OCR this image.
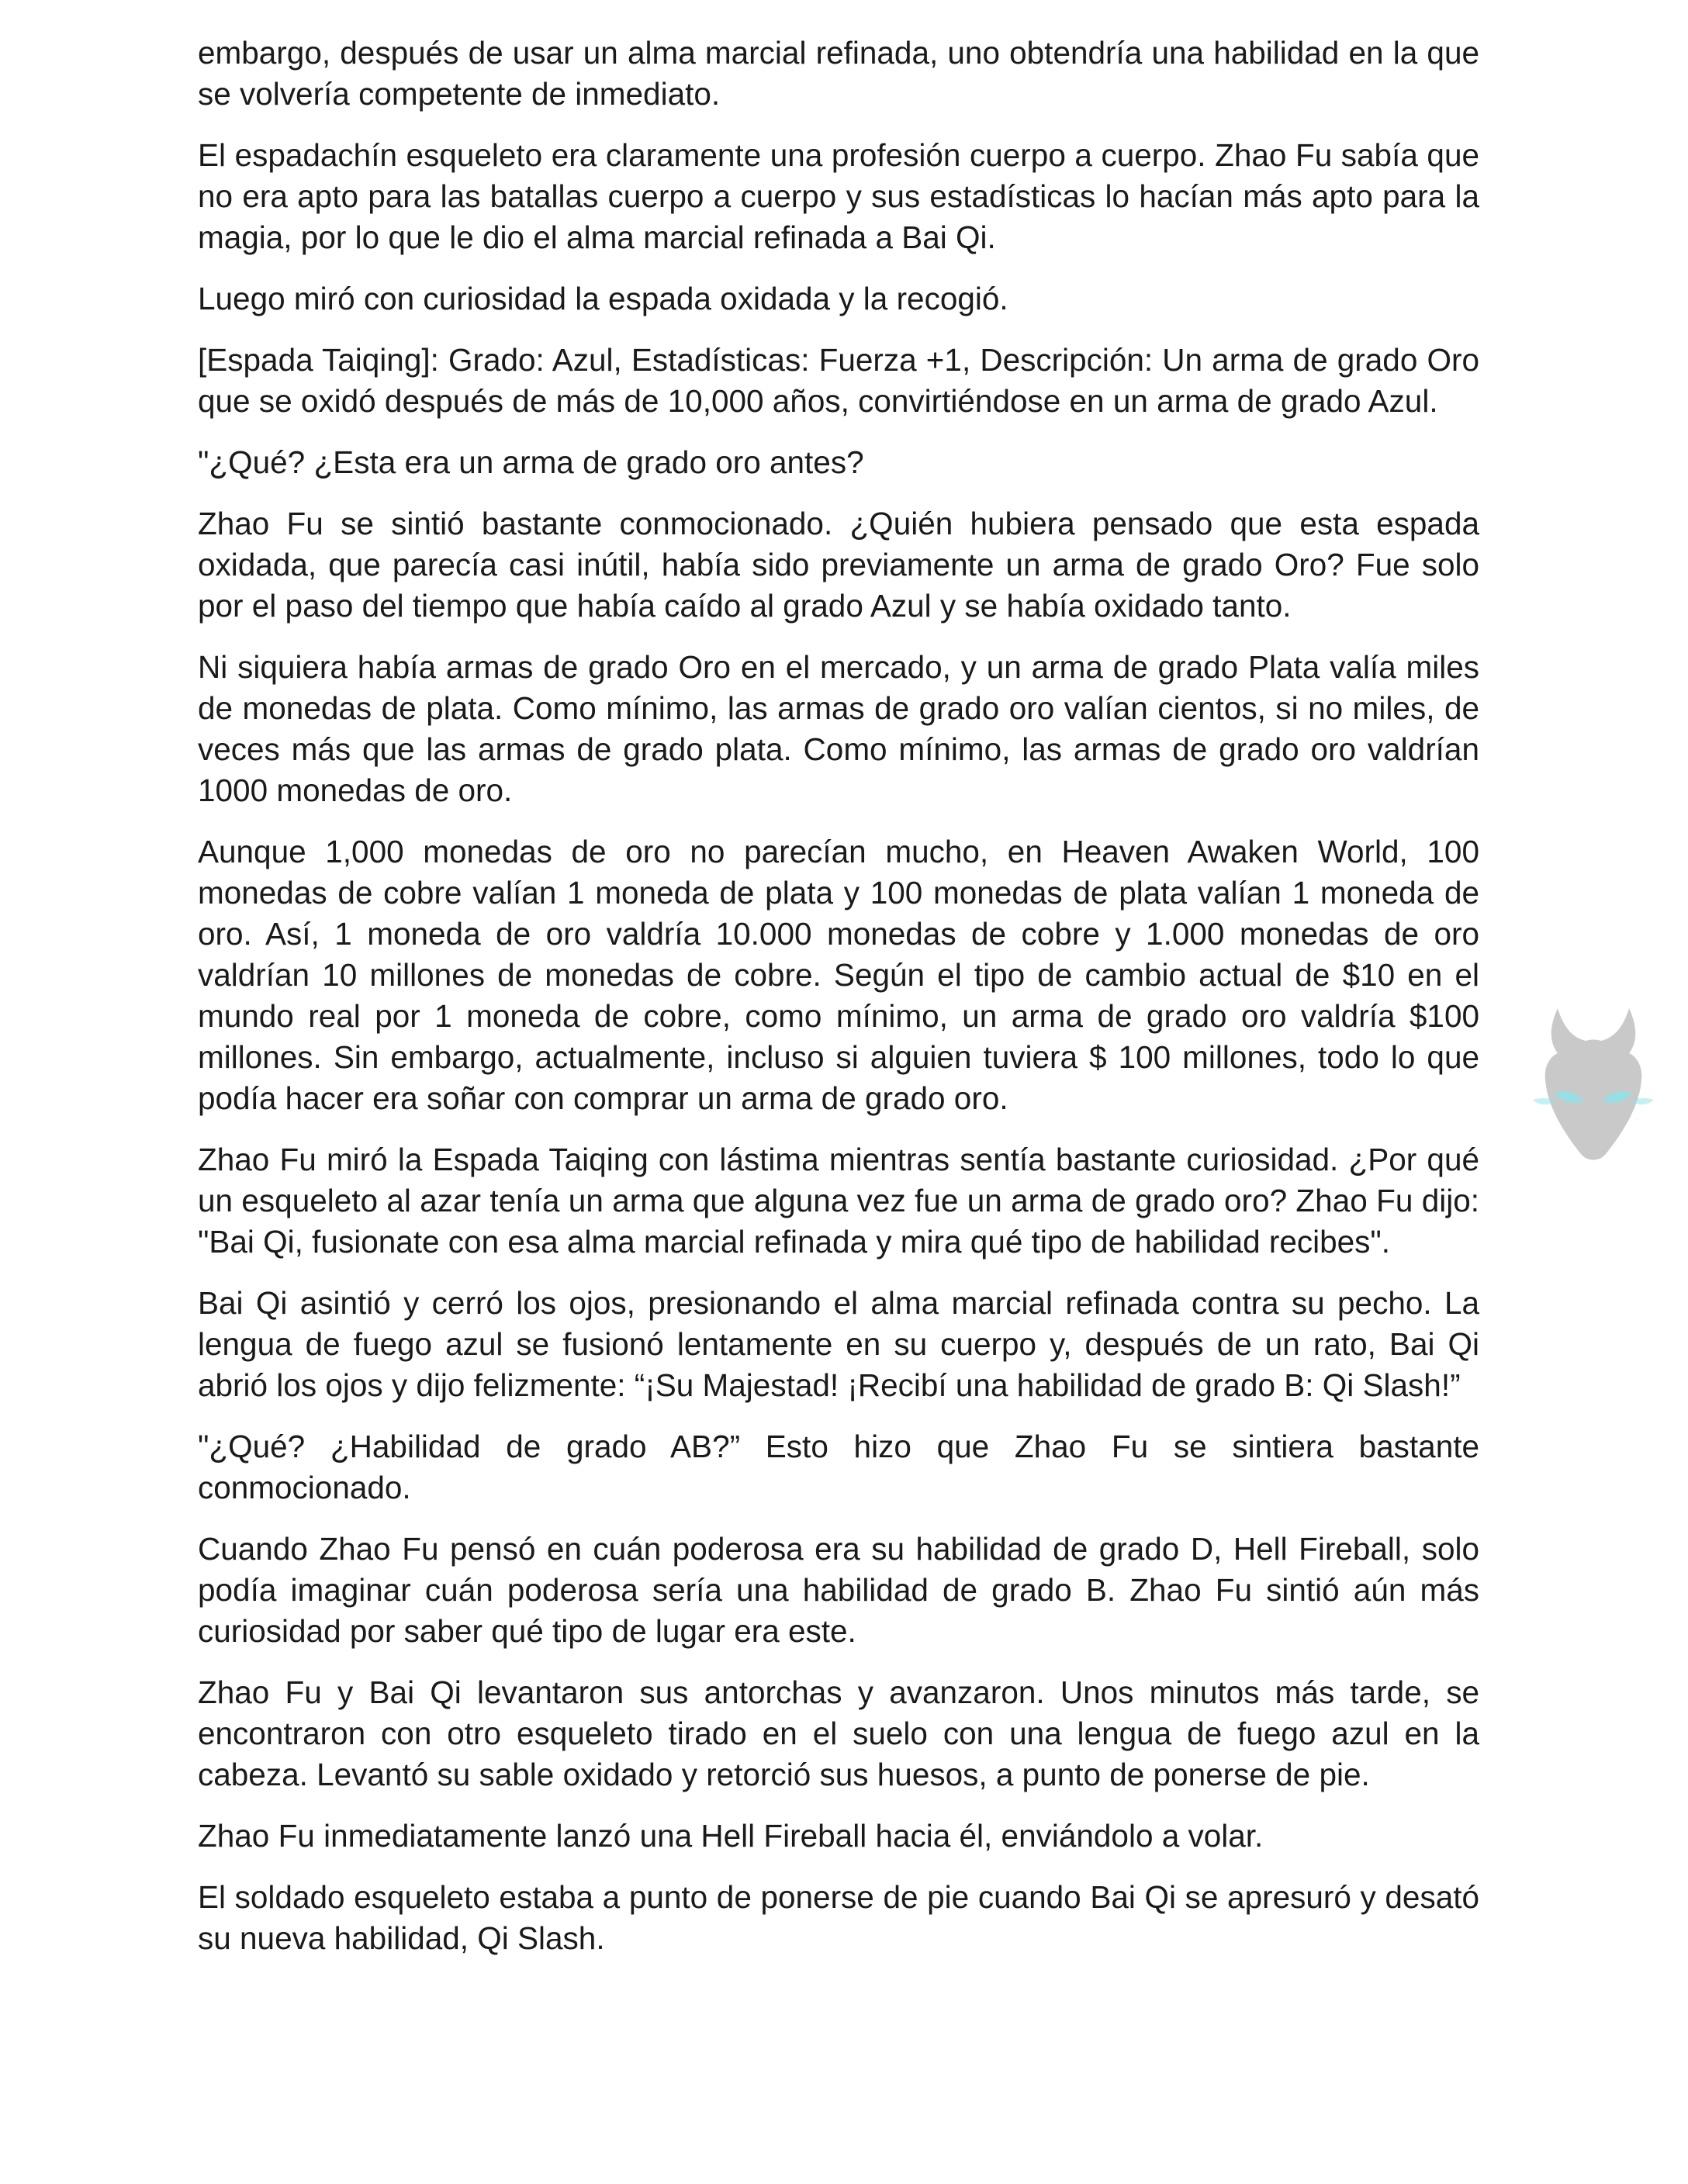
embargo, después de usar un alma marcial refinada, uno obtendría una habilidad en la que se volvería competente de inmediato.

El espadachín esqueleto era claramente una profesión cuerpo a cuerpo. Zhao Fu sabía que no era apto para las batallas cuerpo a cuerpo y sus estadísticas lo hacían más apto para la magia, por lo que le dio el alma marcial refinada a Bai Qi.

Luego miró con curiosidad la espada oxidada y la recogió.

[Espada Taiqing]: Grado: Azul, Estadísticas: Fuerza +1, Descripción: Un arma de grado Oro que se oxidó después de más de 10,000 años, convirtiéndose en un arma de grado Azul.

"¿Qué? ¿Esta era un arma de grado oro antes?

Zhao Fu se sintió bastante conmocionado. ¿Quién hubiera pensado que esta espada oxidada, que parecía casi inútil, había sido previamente un arma de grado Oro? Fue solo por el paso del tiempo que había caído al grado Azul y se había oxidado tanto.

Ni siquiera había armas de grado Oro en el mercado, y un arma de grado Plata valía miles de monedas de plata. Como mínimo, las armas de grado oro valían cientos, si no miles, de veces más que las armas de grado plata. Como mínimo, las armas de grado oro valdrían 1000 monedas de oro.

Aunque 1,000 monedas de oro no parecían mucho, en Heaven Awaken World, 100 monedas de cobre valían 1 moneda de plata y 100 monedas de plata valían 1 moneda de oro. Así, 1 moneda de oro valdría 10.000 monedas de cobre y 1.000 monedas de oro valdrían 10 millones de monedas de cobre. Según el tipo de cambio actual de $10 en el mundo real por 1 moneda de cobre, como mínimo, un arma de grado oro valdría $100 millones. Sin embargo, actualmente, incluso si alguien tuviera $ 100 millones, todo lo que podía hacer era soñar con comprar un arma de grado oro.

Zhao Fu miró la Espada Taiqing con lástima mientras sentía bastante curiosidad. ¿Por qué un esqueleto al azar tenía un arma que alguna vez fue un arma de grado oro? Zhao Fu dijo: "Bai Qi, fusionate con esa alma marcial refinada y mira qué tipo de habilidad recibes".

Bai Qi asintió y cerró los ojos, presionando el alma marcial refinada contra su pecho. La lengua de fuego azul se fusionó lentamente en su cuerpo y, después de un rato, Bai Qi abrió los ojos y dijo felizmente: “¡Su Majestad! ¡Recibí una habilidad de grado B: Qi Slash!”

"¿Qué? ¿Habilidad de grado AB?” Esto hizo que Zhao Fu se sintiera bastante conmocionado.

Cuando Zhao Fu pensó en cuán poderosa era su habilidad de grado D, Hell Fireball, solo podía imaginar cuán poderosa sería una habilidad de grado B. Zhao Fu sintió aún más curiosidad por saber qué tipo de lugar era este.

Zhao Fu y Bai Qi levantaron sus antorchas y avanzaron. Unos minutos más tarde, se encontraron con otro esqueleto tirado en el suelo con una lengua de fuego azul en la cabeza. Levantó su sable oxidado y retorció sus huesos, a punto de ponerse de pie.

Zhao Fu inmediatamente lanzó una Hell Fireball hacia él, enviándolo a volar.

El soldado esqueleto estaba a punto de ponerse de pie cuando Bai Qi se apresuró y desató su nueva habilidad, Qi Slash.
